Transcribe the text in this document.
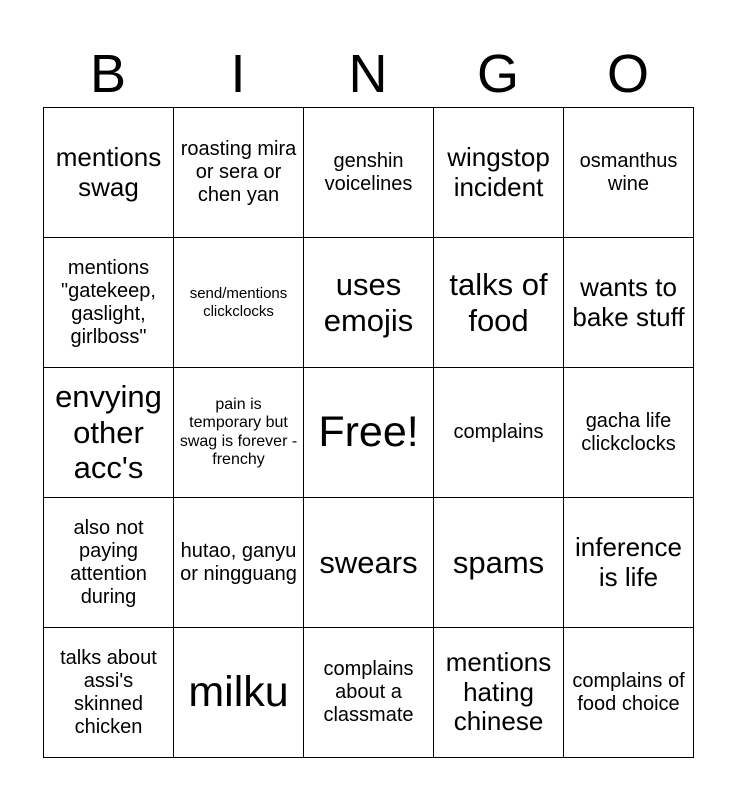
B	I	N	G	O
mentions swag	roasting mira or sera or chen yan	genshin voicelines	wingstop incident	osmanthus wine
mentions "gatekeep, gaslight, girlboss"	send/mentions clickclocks	uses emojis	talks of food	wants to bake stuff
envying other acc's	pain is temporary but swag is forever - frenchy	Free!	complains	gacha life clickclocks
also not paying attention during	hutao, ganyu or ningguang	swears	spams	inference is life
talks about assi's skinned chicken	milku	complains about a classmate	mentions hating chinese	complains of food choice
